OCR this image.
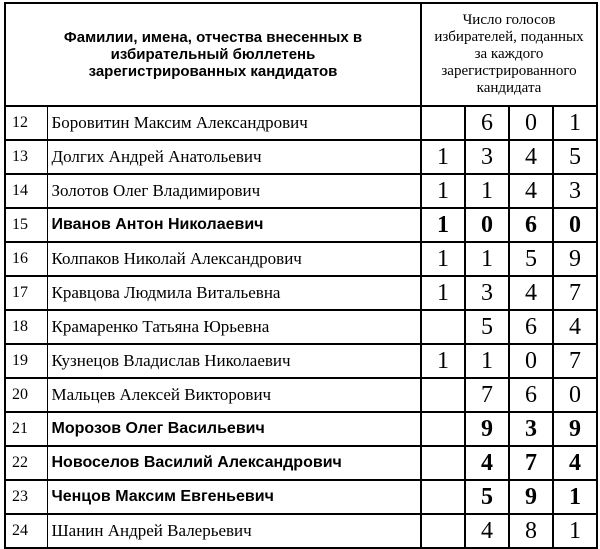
Фамилии, имена, отчества внесенных в избирательный бюллетень зарегистрированных кандидатов		Число голосов избирателей, поданных за каждого зарегистрированного кандидата			

12	Боровитин Максим Александрович		6	0	1
13	Долгих Андрей Анатольевич	1	3	4	5
14	Золотов Олег Владимирович	1	1	4	3
15	Иванов Антон Николаевич	1	0	6	0
16	Колпаков Николай Александрович	1	1	5	9
17	Кравцова Людмила Витальевна	1	3	4	7
18	Крамаренко Татьяна Юрьевна		5	6	4
19	Кузнецов Владислав Николаевич	1	1	0	7
20	Мальцев Алексей Викторович		7	6	0
21	Морозов Олег Васильевич		9	3	9
22	Новоселов Василий Александрович		4	7	4
23	Ченцов Максим Евгеньевич		5	9	1
24	Шанин Андрей Валерьевич		4	8	1
